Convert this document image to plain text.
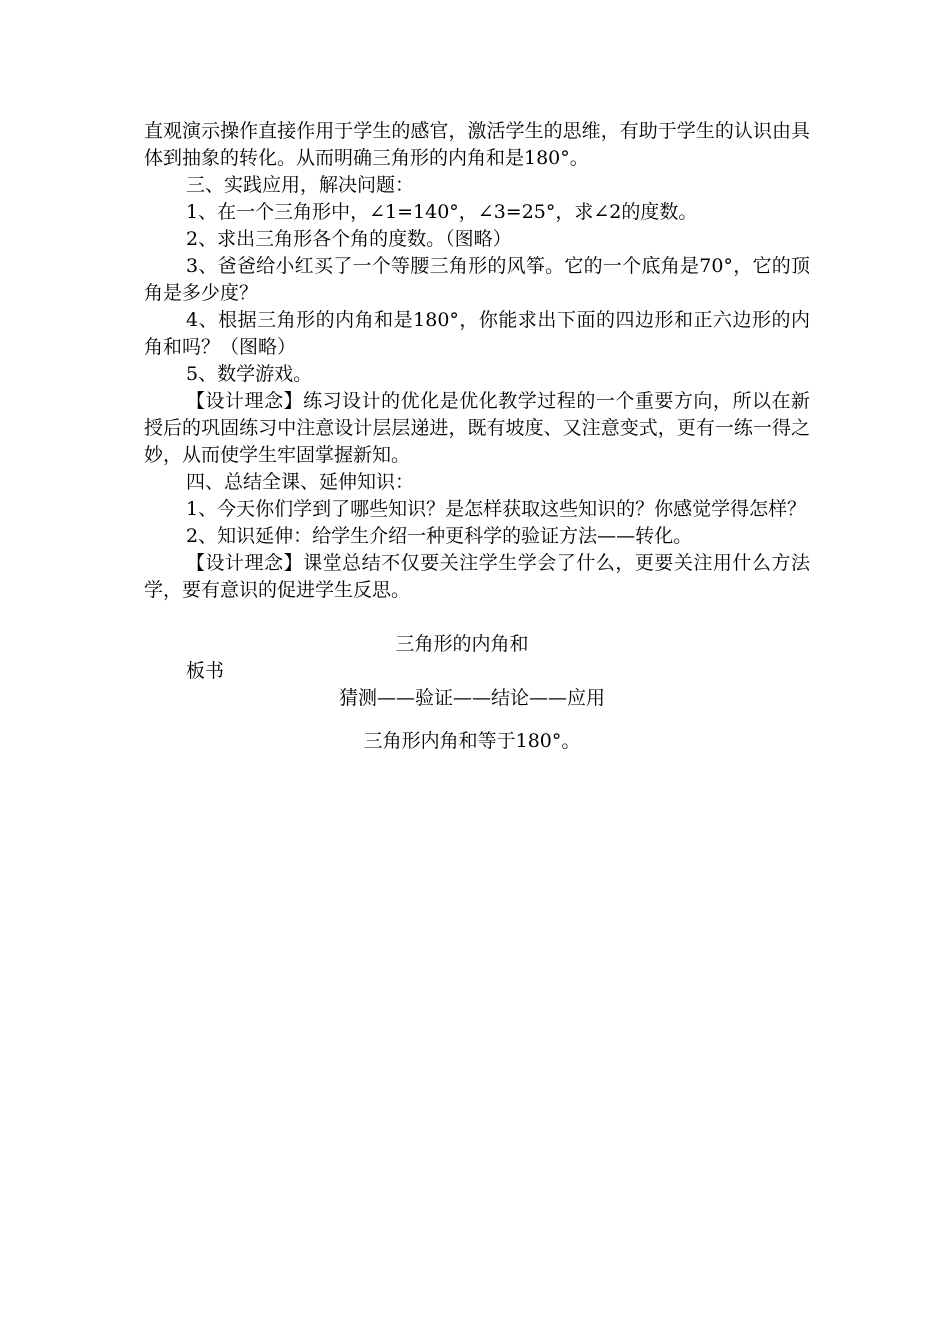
直观演示操作直接作用于学生的感官，激活学生的思维，有助于学生的认识由具体到抽象的转化。从而明确三角形的内角和是180°。

三、实践应用，解决问题：

1、在一个三角形中，∠1=140°，∠3=25°，求∠2的度数。

2、求出三角形各个角的度数。（图略）

3、爸爸给小红买了一个等腰三角形的风筝。它的一个底角是70°，它的顶角是多少度？

4、根据三角形的内角和是180°，你能求出下面的四边形和正六边形的内角和吗？（图略）

5、数学游戏。

【设计理念】练习设计的优化是优化教学过程的一个重要方向，所以在新授后的巩固练习中注意设计层层递进，既有坡度、又注意变式，更有一练一得之妙，从而使学生牢固掌握新知。

四、总结全课、延伸知识：

1、今天你们学到了哪些知识？是怎样获取这些知识的？你感觉学得怎样？

2、知识延伸：给学生介绍一种更科学的验证方法——转化。

【设计理念】课堂总结不仅要关注学生学会了什么，更要关注用什么方法学，要有意识的促进学生反思。

三角形的内角和

板书

猜测——验证——结论——应用

三角形内角和等于180°。
